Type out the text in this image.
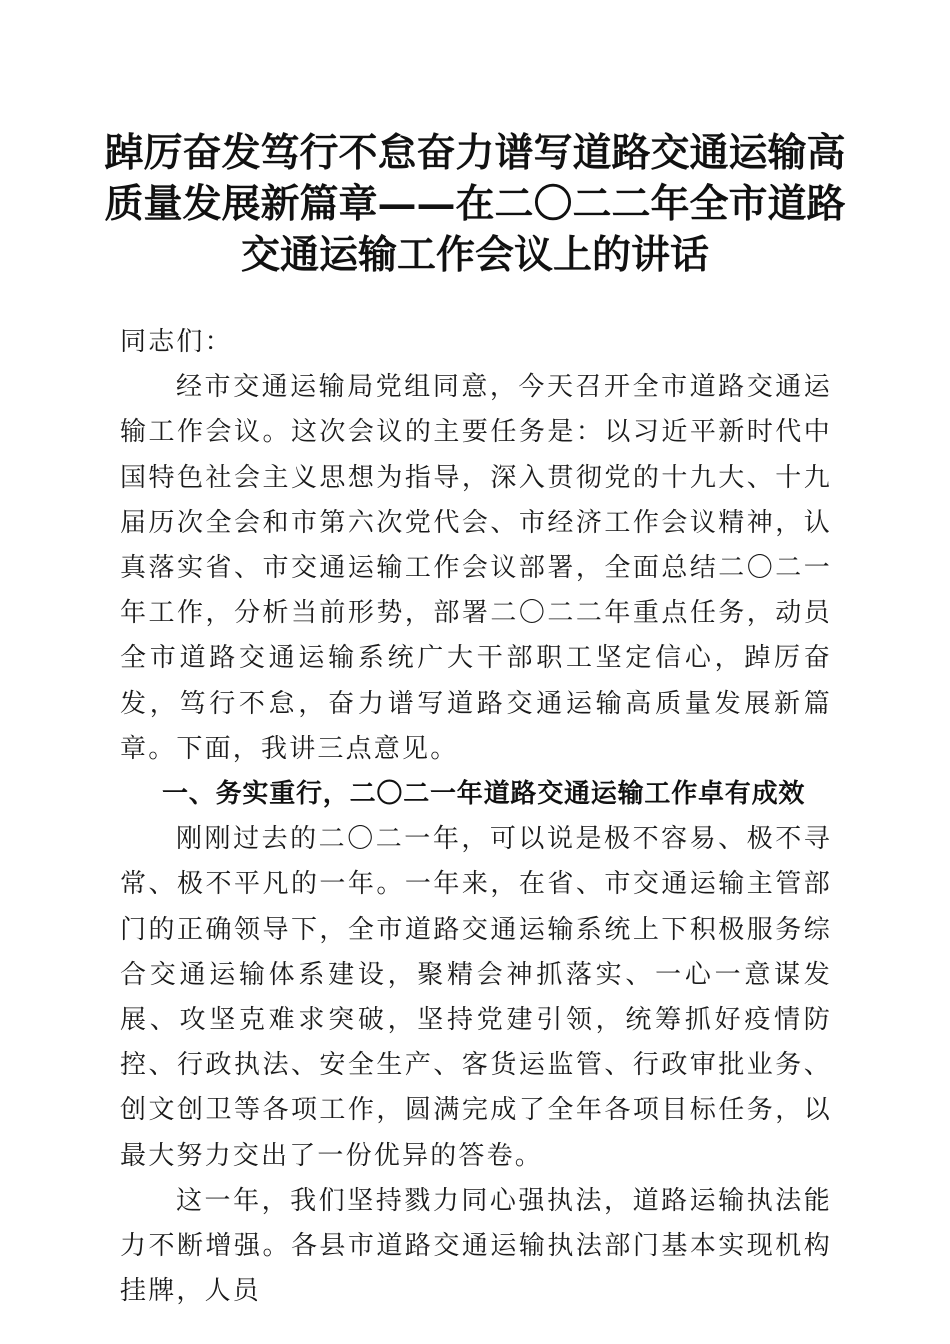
踔厉奋发笃行不怠奋力谱写道路交通运输高质量发展新篇章——在二〇二二年全市道路交通运输工作会议上的讲话

同志们：

经市交通运输局党组同意，今天召开全市道路交通运输工作会议。这次会议的主要任务是：以习近平新时代中国特色社会主义思想为指导，深入贯彻党的十九大、十九届历次全会和市第六次党代会、市经济工作会议精神，认真落实省、市交通运输工作会议部署，全面总结二〇二一年工作，分析当前形势，部署二〇二二年重点任务，动员全市道路交通运输系统广大干部职工坚定信心，踔厉奋发，笃行不怠，奋力谱写道路交通运输高质量发展新篇章。下面，我讲三点意见。

一、务实重行，二〇二一年道路交通运输工作卓有成效

刚刚过去的二〇二一年，可以说是极不容易、极不寻常、极不平凡的一年。一年来，在省、市交通运输主管部门的正确领导下，全市道路交通运输系统上下积极服务综合交通运输体系建设，聚精会神抓落实、一心一意谋发展、攻坚克难求突破，坚持党建引领，统筹抓好疫情防控、行政执法、安全生产、客货运监管、行政审批业务、创文创卫等各项工作，圆满完成了全年各项目标任务，以最大努力交出了一份优异的答卷。

这一年，我们坚持戮力同心强执法，道路运输执法能力不断增强。各县市道路交通运输执法部门基本实现机构挂牌，人员
